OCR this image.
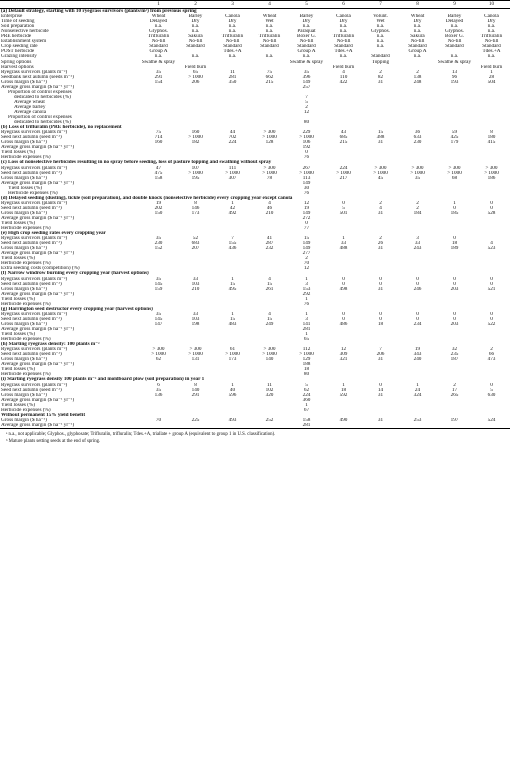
	1	2	3	4	5	6	7	8	9	10
(a) Default strategy, starting with 10 ryegrass survivors (plants/m²) from previous spring										
Enterprise	Wheat	Barley	Canola	Wheat	Barley	Canola	Volunt.	Wheat	Barley	Canola
Time of seeding	Delayed	Dry	Dry	Wet	Dry	Dry	Wet	Dry	Delayed	Dry
Soil preparation	n.a.	n.a.	n.a.	n.a.	n.a.	n.a.	n.a.	n.a.	n.a.	n.a.
Nonselective herbicide	Glyphos.	n.a.	n.a.	n.a.	Paraquat	n.a.	Glyphos.	n.a.	Glyphos.	n.a.
PRE herbicide	Trifluralin	Sakura	Trifluralin	Trifluralin	Boxer G.	Trifluralin	n.a.	Sakura	Boxer G.	Trifluralin
Establishment system	No-till	No-till	No-till	No-till	No-till	No-till	n.a.	No-till	No-till	No-till
Crop seeding rate	Standard	Standard	Standard	Standard	Standard	Standard	n.a.	Standard	Standard	Standard
POST herbicide	Group A		Tdes.+A		Group A	Tdes.+A		Group A		Tdes.+A
Grazing intensity	n.a.	n.a.	n.a.	n.a.	n.a.	n.a.	Standard	n.a.	n.a.	n.a.
Spring options	Swathe & spray				Swathe & spray		Topping		Swathe & spray	
Harvest options		Field burn				Field burn				Field burn
Ryegrass survivors (plants m⁻²)	35	65	11	75	35	4	2	2	13	1
Seedbank next autumn (seeds m⁻²)	291	> 1000	281	662	396	110	82	138	96	28
Gross margin ($ ha⁻¹)	154	206	350	215	149	422	31	248	193	504
Average gross margin ($ ha⁻¹ yr⁻¹)					257					
Proportion of control expenses										
dedicated to herbicides (%)					7					
Average wheat					5					
Average barley					2					
Average canola					12					
Proportion of control expenses										
dedicated to herbicides (%)					80					
(b) Loss of trifluralin (PRE herbicide), no replacement										
Ryegrass survivors (plants m⁻²)	75	160	44	> 300	229	43	15	36	59	8
Seed next autumn (seed m⁻²)	714	> 1000	702	> 1000	> 1000	685	388	633	425	180
Gross margin ($ ha⁻¹)	160	182	224	128	106	215	31	230	179	415
Average gross margin ($ ha⁻¹ yr⁻¹)					192					
Yield losses (%)					0					
Herbicide expenses (%)					76					
(c) Loss of nonselective herbicides resulting in no spray before seeding, loss of pasture topping and swathing without spray										
Ryegrass survivors (plants m⁻²)	47	107	111	> 300	267	224	> 300	> 300	> 300	> 300
Seed next autumn (seed m⁻²)	475	> 1000	> 1000	> 1000	> 1000	> 1000	> 1000	> 1000	> 1000	> 1000
Gross margin ($ ha⁻¹)	158	195	307	78	113	217	45	35	68	186
Average gross margin ($ ha⁻¹ yr⁻¹)					149					
Yield losses (%)					30					
Herbicide expenses (%)					76					
(d) Delayed seeding (dusting), tickle (soil preparation), and double knock (nonselective herbicide) every cropping year except canola										
Ryegrass survivors (plants m⁻²)	19	8	1	4	12	0	2	2	1	0
Seed next autumn (seed m⁻²)	202	146	42	46	19	5	4	2	0	0
Gross margin ($ ha⁻¹)	150	173	492	210	149	501	31	184	185	528
Average gross margin ($ ha⁻¹ yr⁻¹)					272					
Yield losses (%)					0					
Herbicide expenses (%)					77					
(e) High crop seeding rates every cropping year										
Ryegrass survivors (plants m⁻²)	35	52	7	41	15	1	2	3	0	
Seed next autumn (seed m⁻²)	230	683	155	287	149	33	26	33	18	4
Gross margin ($ ha⁻¹)	152	207	436	232	149	488	31	243	189	523
Average gross margin ($ ha⁻¹ yr⁻¹)					277					
Yield losses (%)					2					
Herbicide expenses (%)					70					
Extra seeding costs (competition) (%)					12					
(f) Narrow windrow burning every cropping year (harvest options)										
Ryegrass survivors (plants m⁻²)	35	33	1	4	1	0	0	0	0	0
Seed next autumn (seed m⁻²)	145	103	15	15	3	0	0	0	0	0
Gross margin ($ ha⁻¹)	159	210	495	261	153	498	31	246	203	521
Average gross margin ($ ha⁻¹ yr⁻¹)					292					
Yield losses (%)					1					
Herbicide expenses (%)					76					
(g) Harrington seed destructor every cropping year (harvest options)										
Ryegrass survivors (plants m⁻²)	35	33	1	4	1	0	0	0	0	0
Seed next autumn (seed m⁻²)	145	103	15	15	3	0	0	0	0	0
Gross margin ($ ha⁻¹)	147	198	483	249	141	486	18	234	203	522
Average gross margin ($ ha⁻¹ yr⁻¹)					281					
Yield losses (%)					1					
Herbicide expenses (%)					65					
(h) Starting ryegrass density: 100 plants m⁻²										
Ryegrass survivors (plants m⁻²)	> 300	> 300	61	> 300	112	12	7	19	32	2
Seed next autumn (seed m⁻²)	> 1000	> 1000	> 1000	> 1000	> 1000	309	206	343	235	66
Gross margin ($ ha⁻¹)	62	131	173	140	129	321	31	240	187	473
Average gross margin ($ ha⁻¹ yr⁻¹)					188					
Yield losses (%)					18					
Herbicide expenses (%)					80					
(i) Starting ryegrass density 100 plants m⁻² and moldboard plow (soil preparation) in year 1										
Ryegrass survivors (plants m⁻²)	6	8	1	11	5	1	0	1	2	0
Seed next autumn (seed m⁻²)	35	140	40	102	62	18	14	24	17	5
Gross margin ($ ha⁻¹)	136	291	596	320	224	592	31	324	265	630
Average gross margin ($ ha⁻¹ yr⁻¹)					360					
Yield losses (%)					1					
Herbicide expenses (%)					67					
Without permanent 15% yield benefit										
Gross margin ($ ha⁻¹)	70	225	493	252	158	490	31	253	197	524
Average gross margin ($ ha⁻¹ yr⁻¹)					281					
ᵃ n.a., not applicable; Glyphos., glyphosate; Trifluralin, trifluralin; Tdes.+A, triallate + group A (equivalent to group 1 in U.S. classification).
ᵇ Mature plants setting seeds at the end of spring.
